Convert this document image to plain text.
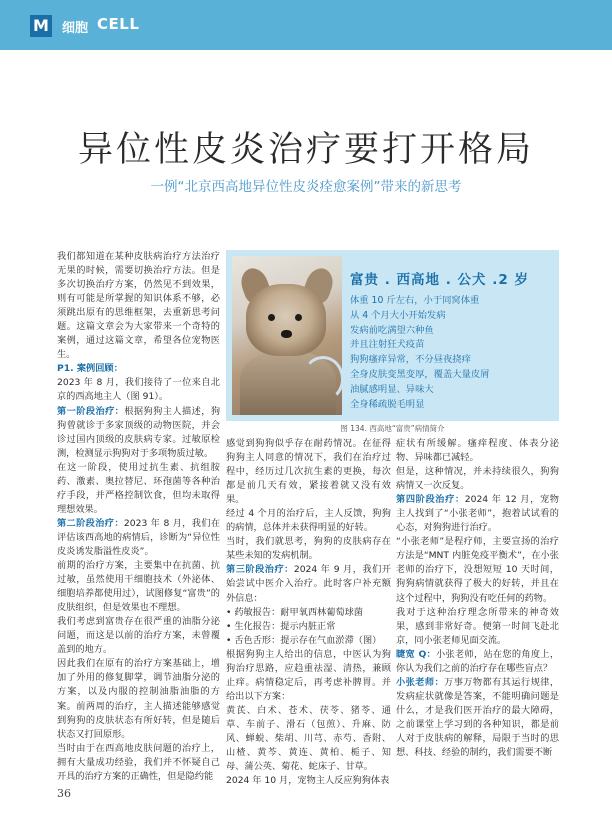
M 细胞 CELL
异位性皮炎治疗要打开格局
一例“北京西高地异位性皮炎痊愈案例”带来的新思考

我们都知道在某种皮肤病治疗方法治疗无果的时候，需要切换治疗方法。但是多次切换治疗方案，仍然见不到效果，则有可能是所掌握的知识体系不够，必须跳出原有的思维框架，去重新思考问题。这篇文章会为大家带来一个奇特的案例，通过这篇文章，希望各位宠物医生。

P1. 案例回顾：

2023 年 8 月，我们接待了一位来自北京的西高地主人（图 91）。

第一阶段治疗：根据狗狗主人描述，狗狗曾就诊于多家顶级的动物医院，并会诊过国内顶级的皮肤病专家。过敏原检测，检测显示狗狗对于多项物质过敏。

在这一阶段，使用过抗生素、抗组胺药、激素、奥拉替尼、环孢菌等各种治疗手段，并严格控制饮食，但均未取得理想效果。

第二阶段治疗：2023 年 8 月，我们在评估该西高地的病情后，诊断为“异位性皮炎诱发脂溢性皮炎”。

前期的治疗方案，主要集中在抗菌、抗过敏，虽然使用干细胞技术（外泌体、细胞培养都使用过），试图修复“富贵”的皮肤组织，但是效果也不理想。

我们考虑到富贵存在很严重的油脂分泌问题，而这是以前的治疗方案，未曾覆盖到的地方。

因此我们在原有的治疗方案基础上，增加了外用的修复脚掌，调节油脂分泌的方案，以及内服的控制油脂油脂的方案。前两周的治疗，主人描述能够感觉到狗狗的皮肤状态有所好转，但是随后状态又打回原形。

当时由于在西高地皮肤问题的治疗上，拥有大量成功经验，我们并不怀疑自己开具的治疗方案的正确性，但是隐约能

富贵 . 西高地 . 公犬 .2 岁
体重 10 斤左右，小于同窝体重
从 4 个月大小开始发病
发病前吃满望六种鱼
并且注射狂犬疫苗
狗狗瘙痒异常，不分昼夜挠痒
全身皮肤变黑变厚，覆盖大量皮屑
油腻感明显、异味大
全身稀疏脱毛明显
图 134. 西高地“富贵”病情简介

感觉到狗狗似乎存在耐药情况。在征得狗狗主人同意的情况下，我们在治疗过程中，经历过几次抗生素的更换，每次都是前几天有效，紧接着就又没有效果。

经过 4 个月的治疗后，主人反馈，狗狗的病情，总体并未获得明显的好转。

当时，我们就思考，狗狗的皮肤病存在某些未知的发病机制。

第三阶段治疗：2024 年 9 月，我们开始尝试中医介入治疗。此时客户补充额外信息：

• 药敏报告：耐甲氧西林葡萄球菌

• 生化报告：提示内脏正常

• 舌色舌形：提示存在气血淤滞（图）

根据狗狗主人给出的信息，中医认为狗狗治疗思路，应趋重祛湿、清热，兼顾止痒。病情稳定后，再考虑补脾胃。并给出以下方案：

黄芪、白术、苍术、茯苓、猪苓、通草、车前子、滑石（包煎）、升麻、防风、蝉蜕、柴胡、川芎、赤芍、香附、山楂、黄芩、黄连、黄柏、栀子、知母、蒲公英、菊花、蛇床子、甘草。

2024 年 10 月，宠物主人反应狗狗体表

症状有所缓解。瘙痒程度、体表分泌物、异味都已减轻。

但是，这种情况，并未持续很久，狗狗病情又一次反复。

第四阶段治疗：2024 年 12 月，宠物主人找到了“小张老师”，抱着试试看的心态，对狗狗进行治疗。

“小张老师”是程疗师，主要宣扬的治疗方法是“MNT 内脏免疫平衡术”，在小张老师的治疗下，没想短短 10 天时间，狗狗病情就获得了极大的好转，并且在这个过程中，狗狗没有吃任何的药物。

我对于这种治疗理念所带来的神奇效果，感到非常好奇。便第一时间飞赴北京，同小张老师见面交流。

睫宽 Q：小张老师，站在您的角度上，你认为我们之前的治疗存在哪些盲点？

小张老师：万事万物都有其运行规律，发病症状就像是答案，不能明确问题是什么，才是我们医开治疗的最大障碍，之前课堂上学习到的各种知识，都是前人对于皮肤病的解释，局限于当时的思想、科技、经验的制约，我们需要不断

36
